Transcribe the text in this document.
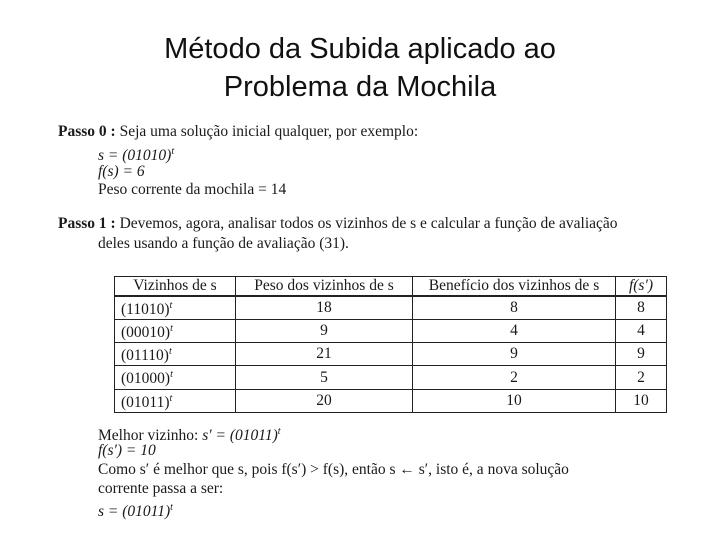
Método da Subida aplicado ao
Problema da Mochila
Passo 0 : Seja uma solução inicial qualquer, por exemplo:
$s = (01010)^t$
f(s) = 6
Peso corrente da mochila = 14
Passo 1 : Devemos, agora, analisar todos os vizinhos de s e calcular a função de avaliação
deles usando a função de avaliação (31).
Vizinhos de s	Peso dos vizinhos de s	Benefício dos vizinhos de s	f(s′)
$(11010)^t$	18	8	8
$(00010)^t$	9	4	4
$(01110)^t$	21	9	9
$(01000)^t$	5	2	2
$(01011)^t$	20	10	10
Melhor vizinho: $s' = (01011)^t$
f(s′) = 10
Como s′ é melhor que s, pois f(s′) > f(s), então s ← s′, isto é, a nova solução
corrente passa a ser:
$s = (01011)^t$
